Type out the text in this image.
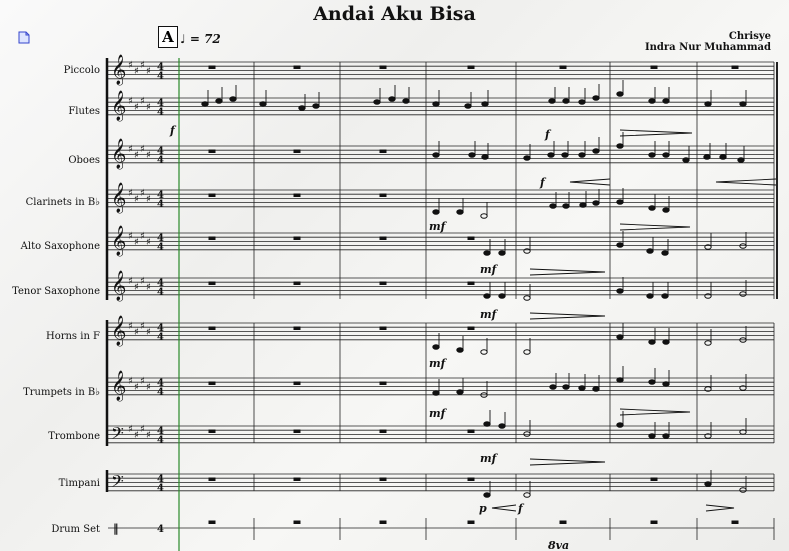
Andai Aku Bisa
Chrisye
Indra Nur Muhammad
A ♩ = 72
Piccolo
Flutes
Oboes
Clarinets in B♭
Alto Saxophone
Tenor Saxophone
Horns in F
Trumpets in B♭
Trombone
Timpani
Drum Set
𝄞 ♯
♯
♯
♯ 4
4
𝄞 ♯
♯
♯
♯ 4
4
𝄞 ♯
♯
♯
♯ 4
4
𝄞 ♯
♯
♯
♯ 4
4
𝄞 ♯
♯
♯
♯ 4
4
𝄞 ♯
♯
♯
♯ 4
4
𝄞 ♯
♯
♯
♯ 4
4
𝄞 ♯
♯
♯
♯ 4
4
𝄢 ♯
♯
♯
♯ 4
4
𝄢	4
4
‖	4
f	f
f
mf
mf
mf
mf
mf
mf
p	f
8va
